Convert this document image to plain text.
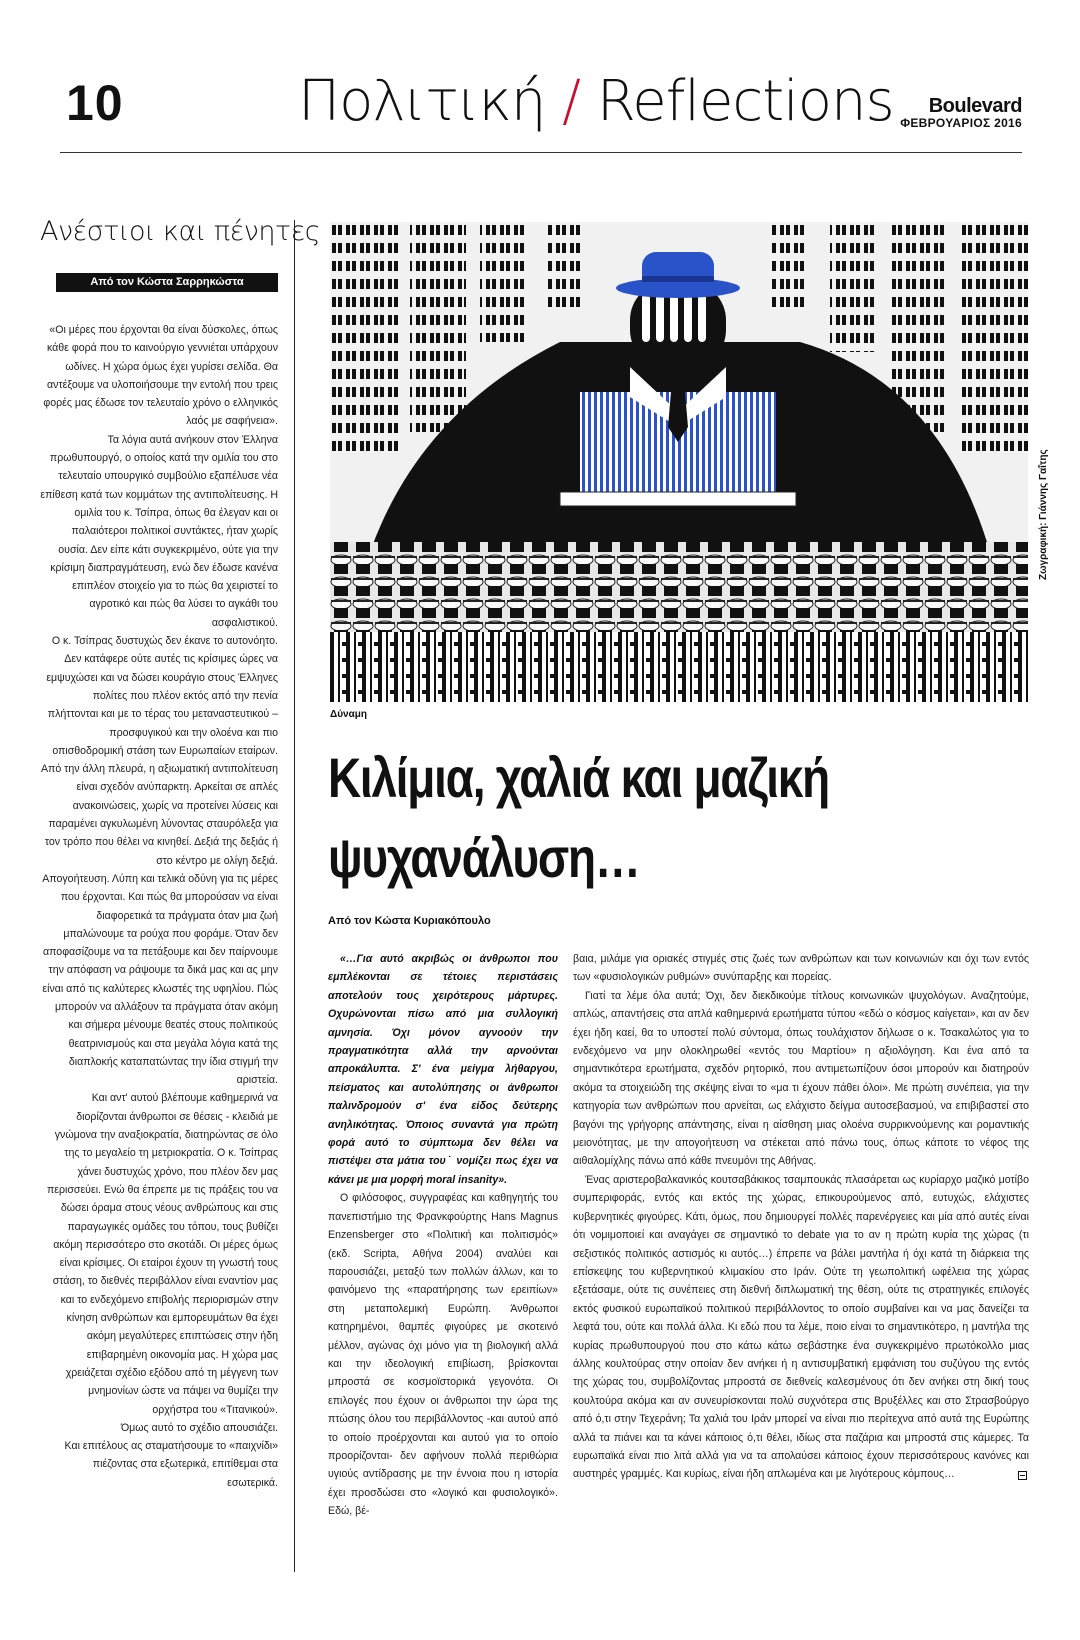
10	Πολιτική / Reflections	Boulevard
ΦΕΒΡΟΥΑΡΙΟΣ 2016
Ανέστιοι και πένητες
Από τον Κώστα Σαρρηκώστα

«Οι μέρες που έρχονται θα είναι δύσκολες, όπως κάθε φορά που το καινούργιο γεννιέται υπάρχουν ωδίνες. Η χώρα όμως έχει γυρίσει σελίδα. Θα αντέξουμε να υλοποιήσουμε την εντολή που τρεις φορές μας έδωσε τον τελευταίο χρόνο ο ελληνικός λαός με σαφήνεια».

Τα λόγια αυτά ανήκουν στον Έλληνα πρωθυπουργό, ο οποίος κατά την ομιλία του στο τελευταίο υπουργικό συμβούλιο εξαπέλυσε νέα επίθεση κατά των κομμάτων της αντιπολίτευσης. Η ομιλία του κ. Τσίπρα, όπως θα έλεγαν και οι παλαιότεροι πολιτικοί συντάκτες, ήταν χωρίς ουσία. Δεν είπε κάτι συγκεκριμένο, ούτε για την κρίσιμη διαπραγμάτευση, ενώ δεν έδωσε κανένα επιπλέον στοιχείο για το πώς θα χειριστεί το αγροτικό και πώς θα λύσει το αγκάθι του ασφαλιστικού.

Ο κ. Τσίπρας δυστυχώς δεν έκανε το αυτονόητο. Δεν κατάφερε ούτε αυτές τις κρίσιμες ώρες να εμψυχώσει και να δώσει κουράγιο στους Έλληνες πολίτες που πλέον εκτός από την πενία πλήττονται και με το τέρας του μεταναστευτικού – προσφυγικού και την ολοένα και πιο οπισθοδρομική στάση των Ευρωπαίων εταίρων. Από την άλλη πλευρά, η αξιωματική αντιπολίτευση είναι σχεδόν ανύπαρκτη. Αρκείται σε απλές ανακοινώσεις, χωρίς να προτείνει λύσεις και παραμένει αγκυλωμένη λύνοντας σταυρόλεξα για τον τρόπο που θέλει να κινηθεί. Δεξιά της δεξιάς ή στο κέντρο με ολίγη δεξιά.

Απογοήτευση. Λύπη και τελικά οδύνη για τις μέρες που έρχονται. Και πώς θα μπορούσαν να είναι διαφορετικά τα πράγματα όταν μια ζωή μπαλώνουμε τα ρούχα που φοράμε. Όταν δεν αποφασίζουμε να τα πετάξουμε και δεν παίρνουμε την απόφαση να ράψουμε τα δικά μας και ας μην είναι από τις καλύτερες κλωστές της υφηλίου. Πώς μπορούν να αλλάξουν τα πράγματα όταν ακόμη και σήμερα μένουμε θεατές στους πολιτικούς θεατρινισμούς και στα μεγάλα λόγια κατά της διαπλοκής καταπατώντας την ίδια στιγμή την αριστεία.

Και αντ' αυτού βλέπουμε καθημερινά να διορίζονται άνθρωποι σε θέσεις - κλειδιά με γνώμονα την αναξιοκρατία, διατηρώντας σε όλο της το μεγαλείο τη μετριοκρατία. Ο κ. Τσίπρας χάνει δυστυχώς χρόνο, που πλέον δεν μας περισσεύει. Ενώ θα έπρεπε με τις πράξεις του να δώσει όραμα στους νέους ανθρώπους και στις παραγωγικές ομάδες του τόπου, τους βυθίζει ακόμη περισσότερο στο σκοτάδι. Οι μέρες όμως είναι κρίσιμες. Οι εταίροι έχουν τη γνωστή τους στάση, το διεθνές περιβάλλον είναι εναντίον μας και το ενδεχόμενο επιβολής περιορισμών στην κίνηση ανθρώπων και εμπορευμάτων θα έχει ακόμη μεγαλύτερες επιπτώσεις στην ήδη επιβαρημένη οικονομία μας. Η χώρα μας χρειάζεται σχέδιο εξόδου από τη μέγγενη των μνημονίων ώστε να πάψει να θυμίζει την ορχήστρα του «Τιτανικού».

Όμως αυτό το σχέδιο απουσιάζει.

Και επιτέλους ας σταματήσουμε το «παιχνίδι» πιέζοντας στα εξωτερικά, επιτίθεμαι στα εσωτερικά.

Δύναμη
Ζωγραφική: Γιάννης Γαΐτης
Κιλίμια, χαλιά και μαζική
ψυχανάλυση…
Από τον Κώστα Κυριακόπουλο

«…Για αυτό ακριβώς οι άνθρωποι που εμπλέκονται σε τέτοιες περιστάσεις αποτελούν τους χειρότερους μάρτυρες. Οχυρώνονται πίσω από μια συλλογική αμνησία. Όχι μόνον αγνοούν την πραγματικότητα αλλά την αρνούνται απροκάλυπτα. Σ' ένα μείγμα λήθαργου, πείσματος και αυτολύπησης οι άνθρωποι παλινδρομούν σ' ένα είδος δεύτερης ανηλικότητας. Όποιος συναντά για πρώτη φορά αυτό το σύμπτωμα δεν θέλει να πιστέψει στα μάτια του˙ νομίζει πως έχει να κάνει με μια μορφή moral insanity».

Ο φιλόσοφος, συγγραφέας και καθηγητής του πανεπιστήμιο της Φρανκφούρτης Hans Magnus Enzensberger στο «Πολιτική και πολιτισμός» (εκδ. Scripta, Αθήνα 2004) αναλύει και παρουσιάζει, μεταξύ των πολλών άλλων, και το φαινόμενο της «παρατήρησης των ερειπίων» στη μεταπολεμική Ευρώπη. Άνθρωποι κατηρημένοι, θαμπές φιγούρες με σκοτεινό μέλλον, αγώνας όχι μόνο για τη βιολογική αλλά και την ιδεολογική επιβίωση, βρίσκονται μπροστά σε κοσμοϊστορικά γεγονότα. Οι επιλογές που έχουν οι άνθρωποι την ώρα της πτώσης όλου του περιβάλλοντος -και αυτού από το οποίο προέρχονται και αυτού για το οποίο προορίζονται- δεν αφήνουν πολλά περιθώρια υγιούς αντίδρασης με την έννοια που η ιστορία έχει προσδώσει στο «λογικό και φυσιολογικό». Εδώ, βέ-

βαια, μιλάμε για οριακές στιγμές στις ζωές των ανθρώπων και των κοινωνιών και όχι των εντός των «φυσιολογικών ρυθμών» συνύπαρξης και πορείας.

Γιατί τα λέμε όλα αυτά; Όχι, δεν διεκδικούμε τίτλους κοινωνικών ψυχολόγων. Αναζητούμε, απλώς, απαντήσεις στα απλά καθημερινά ερωτήματα τύπου «εδώ ο κόσμος καίγεται», και αν δεν έχει ήδη καεί, θα το υποστεί πολύ σύντομα, όπως τουλάχιστον δήλωσε ο κ. Τσακαλώτος για το ενδεχόμενο να μην ολοκληρωθεί «εντός του Μαρτίου» η αξιολόγηση. Και ένα από τα σημαντικότερα ερωτήματα, σχεδόν ρητορικό, που αντιμετωπίζουν όσοι μπορούν και διατηρούν ακόμα τα στοιχειώδη της σκέψης είναι το «μα τι έχουν πάθει όλοι». Με πρώτη συνέπεια, για την κατηγορία των ανθρώπων που αρνείται, ως ελάχιστο δείγμα αυτοσεβασμού, να επιβιβαστεί στο βαγόνι της γρήγορης απάντησης, είναι η αίσθηση μιας ολοένα συρρικνούμενης και ρομαντικής μειονότητας, με την απογοήτευση να στέκεται από πάνω τους, όπως κάποτε το νέφος της αιθαλομίχλης πάνω από κάθε πνευμόνι της Αθήνας.

Ένας αριστεροβαλκανικός κουτσαβάκικος τσαμπουκάς πλασάρεται ως κυρίαρχο μαζικό μοτίβο συμπεριφοράς, εντός και εκτός της χώρας, επικουρούμενος από, ευτυχώς, ελάχιστες κυβερνητικές φιγούρες. Κάτι, όμως, που δημιουργεί πολλές παρενέργειες και μία από αυτές είναι ότι νομιμοποιεί και αναγάγει σε σημαντικό το debate για το αν η πρώτη κυρία της χώρας (τι σεξιστικός πολιτικός αστισμός κι αυτός…) έπρεπε να βάλει μαντήλα ή όχι κατά τη διάρκεια της επίσκεψης του κυβερνητικού κλιμακίου στο Ιράν. Ούτε τη γεωπολιτική ωφέλεια της χώρας εξετάσαμε, ούτε τις συνέπειες στη διεθνή διπλωματική της θέση, ούτε τις στρατηγικές επιλογές εκτός φυσικού ευρωπαϊκού πολιτικού περιβάλλοντος το οποίο συμβαίνει και να μας δανείζει τα λεφτά του, ούτε και πολλά άλλα. Κι εδώ που τα λέμε, ποιο είναι το σημαντικότερο, η μαντήλα της κυρίας πρωθυπουργού που στο κάτω κάτω σεβάστηκε ένα συγκεκριμένο πρωτόκολλο μιας άλλης κουλτούρας στην οποίαν δεν ανήκει ή η αντισυμβατική εμφάνιση του συζύγου της εντός της χώρας του, συμβολίζοντας μπροστά σε διεθνείς καλεσμένους ότι δεν ανήκει στη δική τους κουλτούρα ακόμα και αν συνευρίσκονται πολύ συχνότερα στις Βρυξέλλες και στο Στρασβούργο από ό,τι στην Τεχεράνη; Τα χαλιά του Ιράν μπορεί να είναι πιο περίτεχνα από αυτά της Ευρώπης αλλά τα πιάνει και τα κάνει κάποιος ό,τι θέλει, ιδίως στα παζάρια και μπροστά στις κάμερες. Τα ευρωπαϊκά είναι πιο λιτά αλλά για να τα απολαύσει κάποιος έχουν περισσότερους κανόνες και αυστηρές γραμμές. Και κυρίως, είναι ήδη απλωμένα και με λιγότερους κόμπους…
